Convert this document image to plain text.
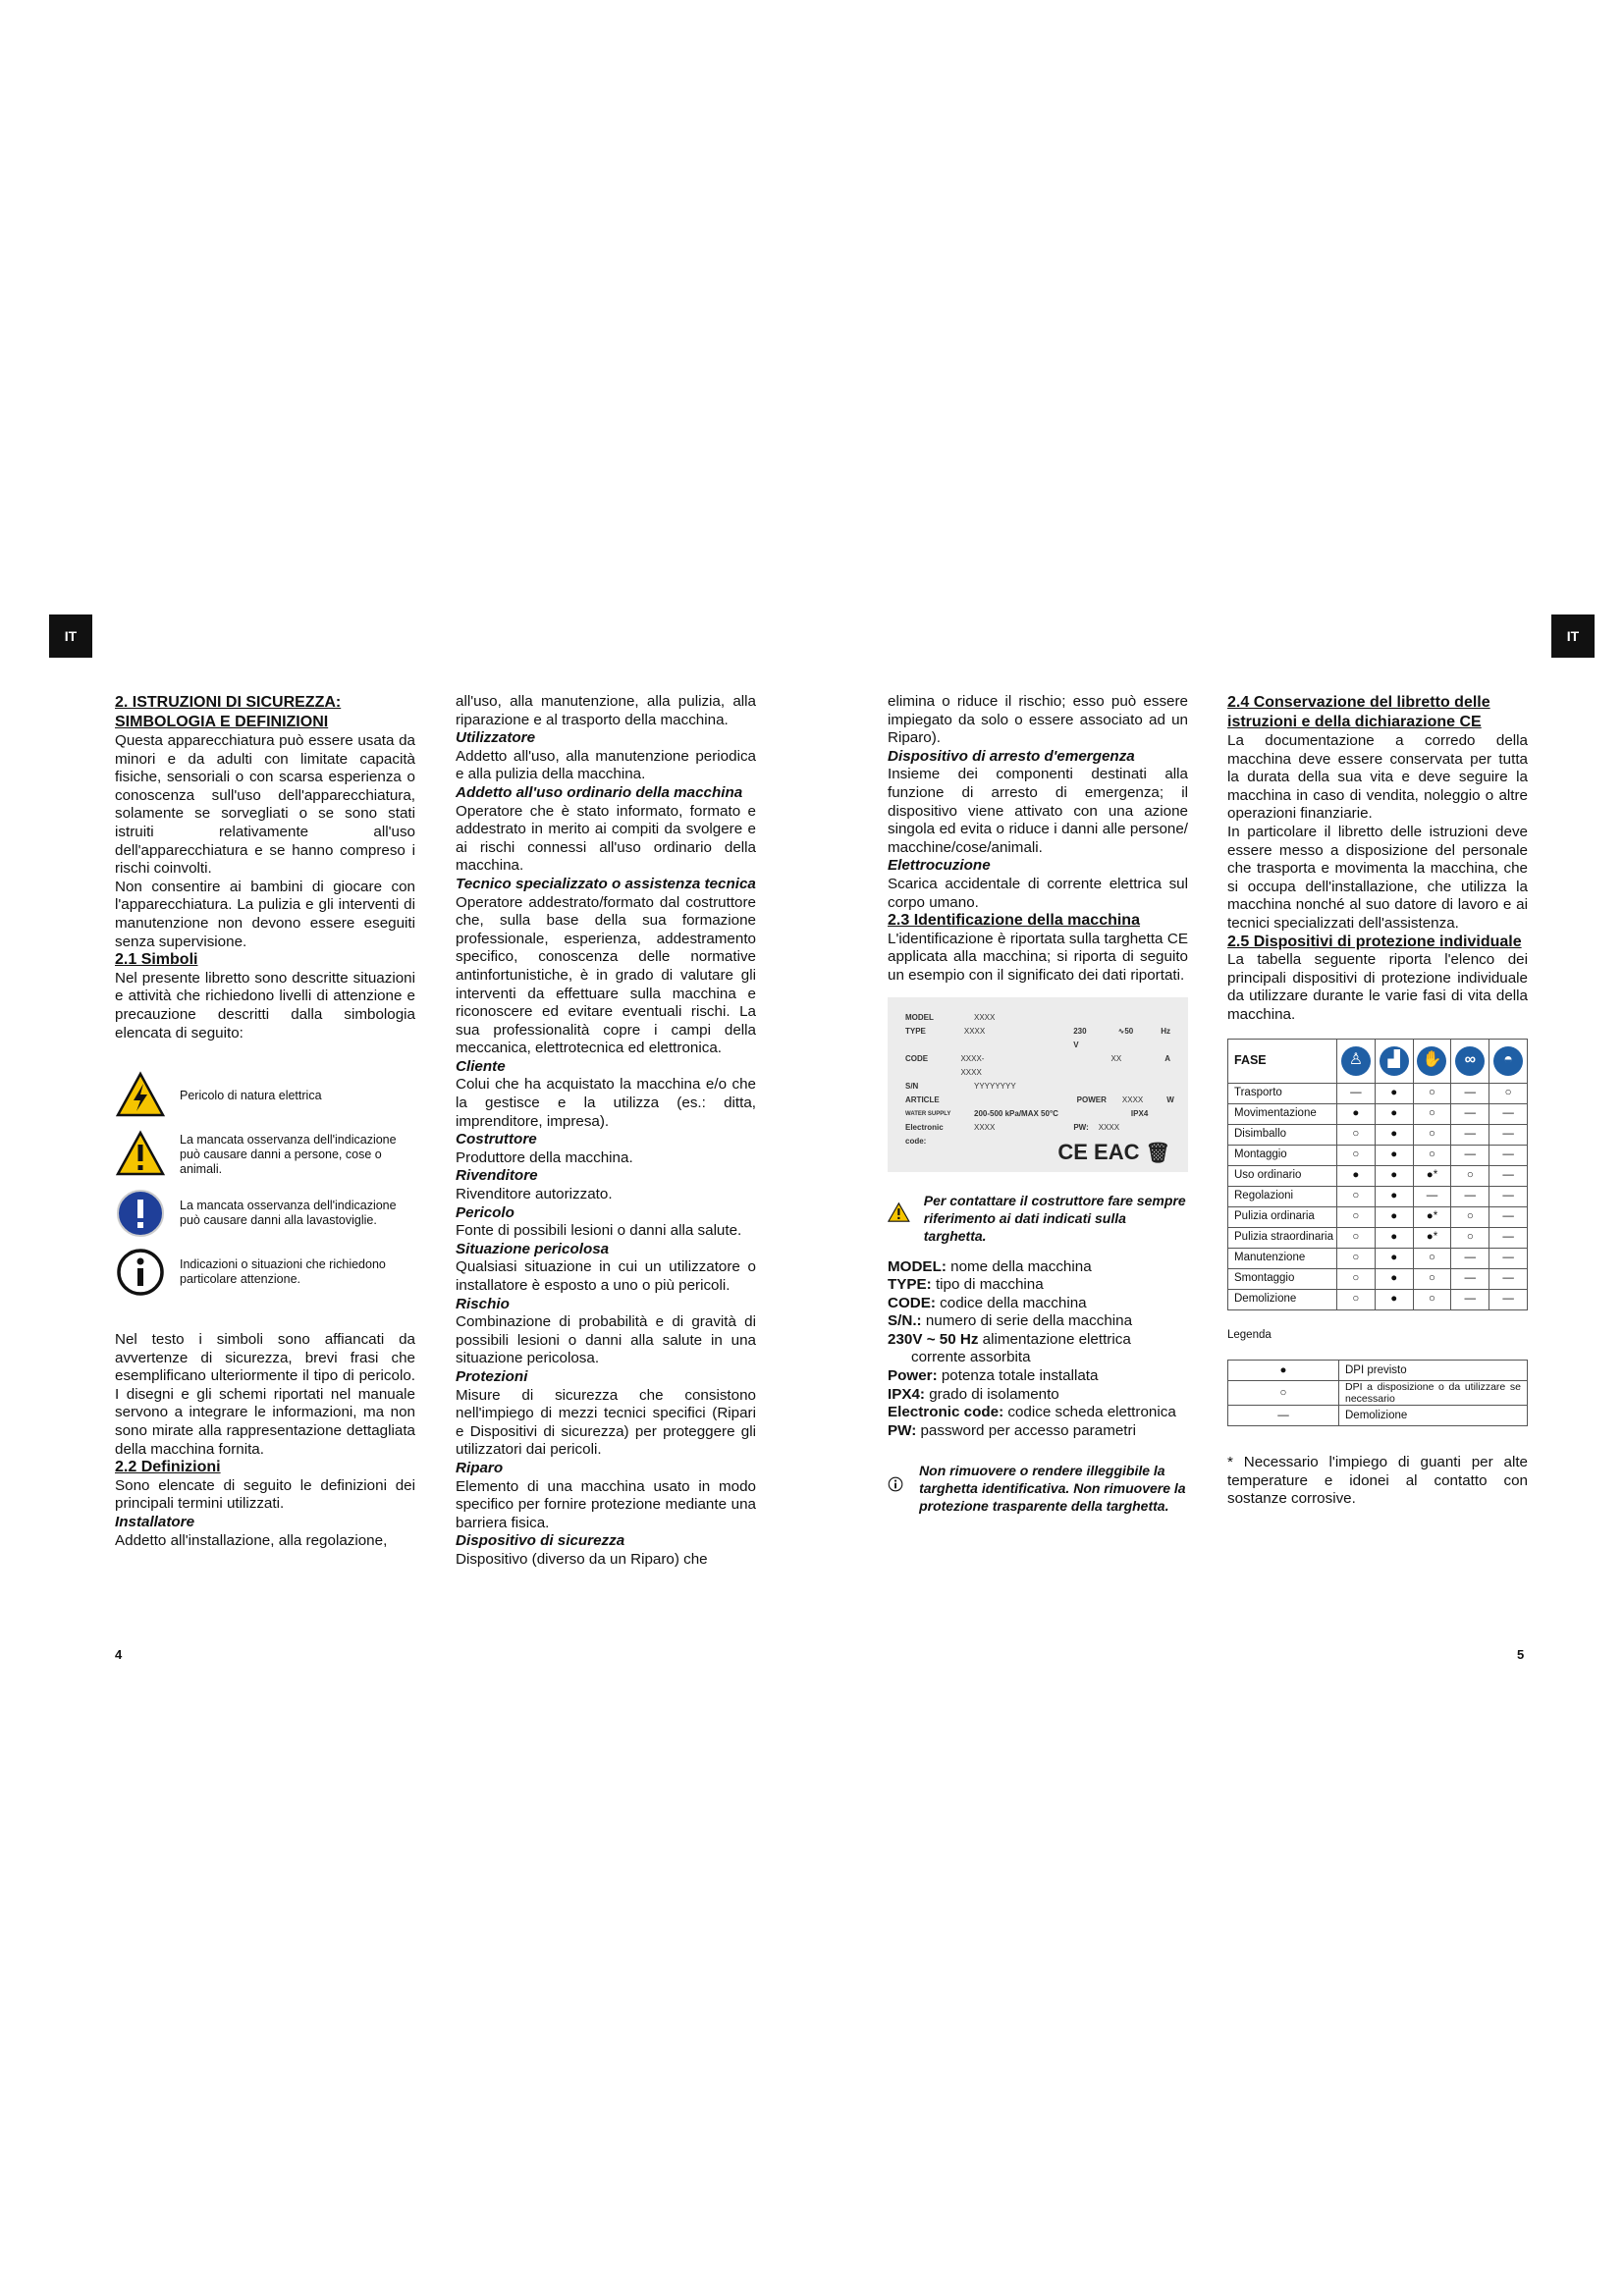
IT	IT

2. ISTRUZIONI DI SICUREZZA:
SIMBOLOGIA E DEFINIZIONI

Questa apparecchiatura può essere usata da minori e da adulti con limitate capacità fisiche, sensoriali o con scarsa esperienza o conoscenza sull'uso dell'apparecchiatura, solamente se sorvegliati o se sono stati istruiti relativamente all'uso dell'apparecchiatura e se hanno compreso i rischi coinvolti.

Non consentire ai bambini di giocare con l'apparecchiatura. La pulizia e gli interventi di manutenzione non devono essere eseguiti senza supervisione.

2.1 Simboli

Nel presente libretto sono descritte situazioni e attività che richiedono livelli di attenzione e precauzione descritti dalla simbologia elencata di seguito:

Pericolo di natura elettrica
La mancata osservanza dell'indicazione può causare danni a persone, cose o animali.
La mancata osservanza dell'indicazione può causare danni alla lavastoviglie.
Indicazioni o situazioni che richiedono particolare attenzione.

Nel testo i simboli sono affiancati da avvertenze di sicurezza, brevi frasi che esemplificano ulteriormente il tipo di pericolo. I disegni e gli schemi riportati nel manuale servono a integrare le informazioni, ma non sono mirate alla rappresentazione dettagliata della macchina fornita.

2.2 Definizioni

Sono elencate di seguito le definizioni dei principali termini utilizzati.

Installatore

Addetto all'installazione, alla regolazione,

all'uso, alla manutenzione, alla pulizia, alla riparazione e al trasporto della macchina.

Utilizzatore

Addetto all'uso, alla manutenzione periodica e alla pulizia della macchina.

Addetto all'uso ordinario della macchina

Operatore che è stato informato, formato e addestrato in merito ai compiti da svolgere e ai rischi connessi all'uso ordinario della macchina.

Tecnico specializzato o assistenza tecnica

Operatore addestrato/formato dal costruttore che, sulla base della sua formazione professionale, esperienza, addestramento specifico, conoscenza delle normative antinfortunistiche, è in grado di valutare gli interventi da effettuare sulla macchina e riconoscere ed evitare eventuali rischi. La sua professionalità copre i campi della meccanica, elettrotecnica ed elettronica.

Cliente

Colui che ha acquistato la macchina e/o che la gestisce e la utilizza (es.: ditta, imprenditore, impresa).

Costruttore

Produttore della macchina.

Rivenditore

Rivenditore autorizzato.

Pericolo

Fonte di possibili lesioni o danni alla salute.

Situazione pericolosa

Qualsiasi situazione in cui un utilizzatore o installatore è esposto a uno o più pericoli.

Rischio

Combinazione di probabilità e di gravità di possibili lesioni o danni alla salute in una situazione pericolosa.

Protezioni

Misure di sicurezza che consistono nell'impiego di mezzi tecnici specifici (Ripari e Dispositivi di sicurezza) per proteggere gli utilizzatori dai pericoli.

Riparo

Elemento di una macchina usato in modo specifico per fornire protezione mediante una barriera fisica.

Dispositivo di sicurezza

Dispositivo (diverso da un Riparo) che

4

elimina o riduce il rischio; esso può essere impiegato da solo o essere associato ad un Riparo).

Dispositivo di arresto d'emergenza

Insieme dei componenti destinati alla funzione di arresto di emergenza; il dispositivo viene attivato con una azione singola ed evita o riduce i danni alle persone/ macchine/cose/animali.

Elettrocuzione

Scarica accidentale di corrente elettrica sul corpo umano.

2.3 Identificazione della macchina

L'identificazione è riportata sulla targhetta CE applicata alla macchina; si riporta di seguito un esempio con il significato dei dati riportati.

MODEL	XXXX
TYPE	XXXX	230 V
∿50	Hz
CODE	XXXX-XXXX
XX	A
S/N	YYYYYYYY
ARTICLE	POWER XXXX	W
WATER SUPPLY	200-500 kPa/MAX 50°C	IPX4
Electronic code:
XXXX	PW: XXXX
CE EAC 🗑
Per contattare il costruttore fare sempre riferimento ai dati indicati sulla targhetta.

MODEL: nome della macchina

TYPE: tipo di macchina

CODE: codice della macchina

S/N.: numero di serie della macchina

230V ~ 50 Hz alimentazione elettrica

corrente assorbita

Power: potenza totale installata

IPX4: grado di isolamento

Electronic code: codice scheda elettronica

PW: password per accesso parametri

Non rimuovere o rendere illeggibile la targhetta identificativa. Non rimuovere la protezione trasparente della targhetta.

2.4 Conservazione del libretto delle
istruzioni e della dichiarazione CE

La documentazione a corredo della macchina deve essere conservata per tutta la durata della sua vita e deve seguire la macchina in caso di vendita, noleggio o altre operazioni finanziarie.

In particolare il libretto delle istruzioni deve essere messo a disposizione del personale che trasporta e movimenta la macchina, che si occupa dell'installazione, che utilizza la macchina nonché al suo datore di lavoro e ai tecnici specializzati dell'assistenza.

2.5 Dispositivi di protezione individuale

La tabella seguente riporta l'elenco dei principali dispositivi di protezione individuale da utilizzare durante le varie fasi di vita della macchina.

FASE	♙	▟	✋	∞	◓

Trasporto	—	●	○	—	○
Movimentazione	●	●	○	—	—
Disimballo	○	●	○	—	—
Montaggio	○	●	○	—	—
Uso ordinario	●	●	●*	○	—
Regolazioni	○	●	—	—	—
Pulizia ordinaria	○	●	●*	○	—
Pulizia straordinaria	○	●	●*	○	—
Manutenzione	○	●	○	—	—
Smontaggio	○	●	○	—	—
Demolizione	○	●	○	—	—

Legenda

●	DPI previsto
○	DPI a disposizione o da utilizzare se necessario
—	Demolizione

* Necessario l'impiego di guanti per alte temperature e idonei al contatto con sostanze corrosive.

5
